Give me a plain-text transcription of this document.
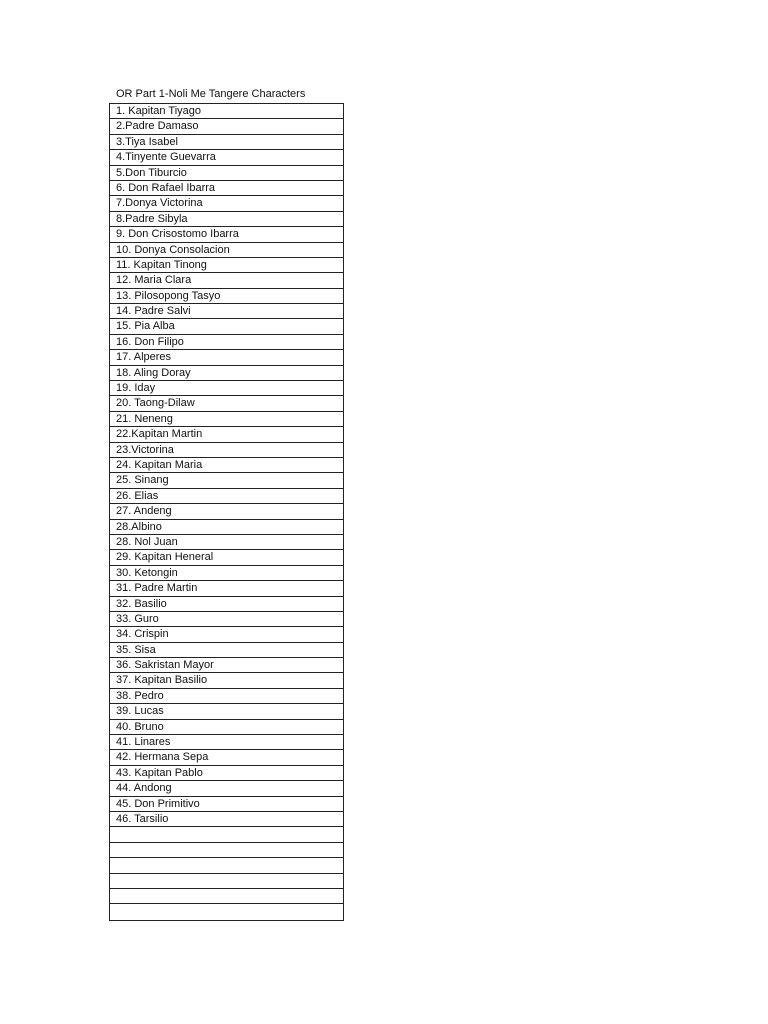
OR Part 1-Noli Me Tangere Characters
1. Kapitan Tiyago
2.Padre Damaso
3.Tiya Isabel
4.Tinyente Guevarra
5.Don Tiburcio
6. Don Rafael Ibarra
7.Donya Victorina
8.Padre Sibyla
9. Don Crisostomo Ibarra
10. Donya Consolacion
11. Kapitan Tinong
12. Maria Clara
13. Pilosopong Tasyo
14. Padre Salvi
15. Pia Alba
16. Don Filipo
17. Alperes
18. Aling Doray
19. Iday
20. Taong-Dilaw
21. Neneng
22.Kapitan Martin
23.Victorina
24. Kapitan Maria
25. Sinang
26. Elias
27. Andeng
28.Albino
28. Nol Juan
29. Kapitan Heneral
30. Ketongin
31. Padre Martin
32. Basilio
33. Guro
34. Crispin
35. Sisa
36. Sakristan Mayor
37. Kapitan Basilio
38. Pedro
39. Lucas
40. Bruno
41. Linares
42. Hermana Sepa
43. Kapitan Pablo
44. Andong
45. Don Primitivo
46. Tarsilio
